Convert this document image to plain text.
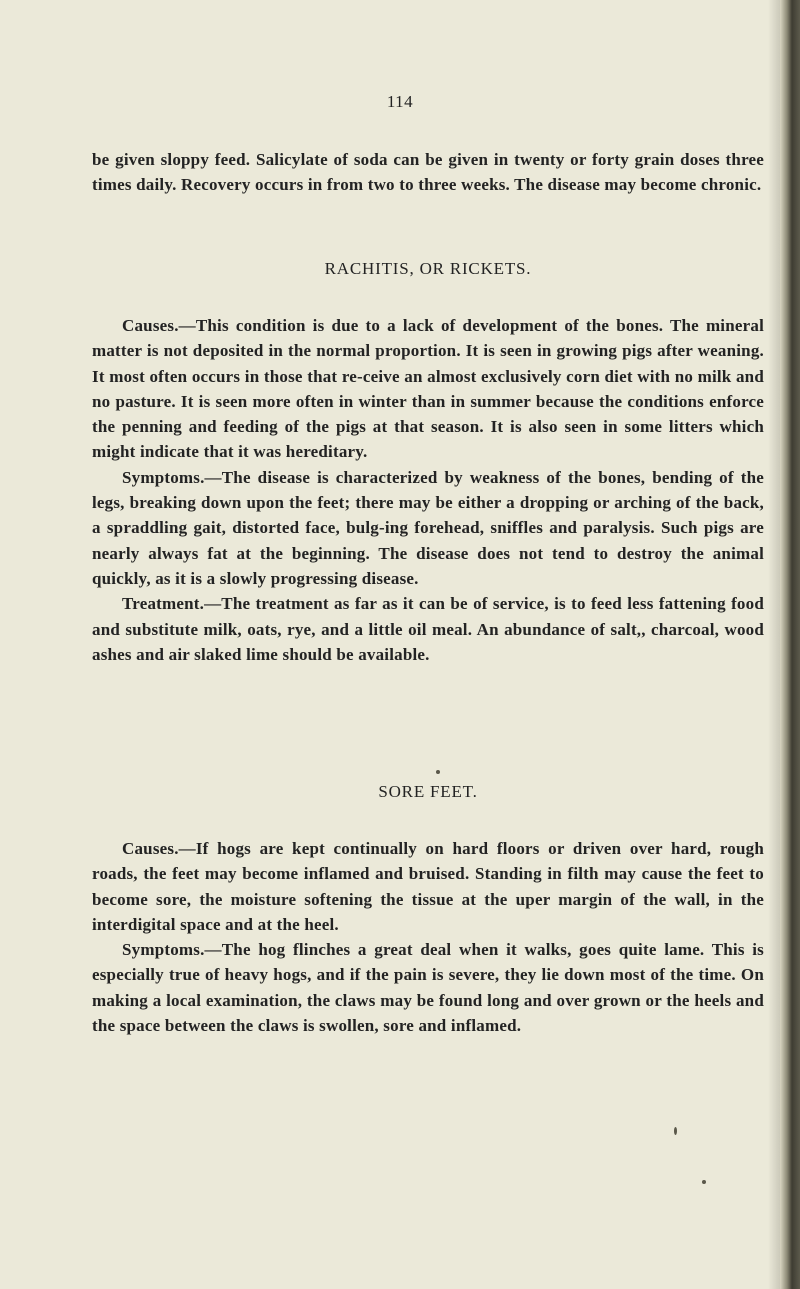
114

be given sloppy feed. Salicylate of soda can be given in twenty or forty grain doses three times daily. Recovery occurs in from two to three weeks. The disease may become chronic.

RACHITIS, OR RICKETS.

Causes.—This condition is due to a lack of development of the bones. The mineral matter is not deposited in the normal proportion. It is seen in growing pigs after weaning. It most often occurs in those that re-ceive an almost exclusively corn diet with no milk and no pasture. It is seen more often in winter than in summer because the conditions enforce the penning and feeding of the pigs at that season. It is also seen in some litters which might indicate that it was hereditary.

Symptoms.—The disease is characterized by weakness of the bones, bending of the legs, breaking down upon the feet; there may be either a dropping or arching of the back, a spraddling gait, distorted face, bulg-ing forehead, sniffles and paralysis. Such pigs are nearly always fat at the beginning. The disease does not tend to destroy the animal quickly, as it is a slowly progressing disease.

Treatment.—The treatment as far as it can be of service, is to feed less fattening food and substitute milk, oats, rye, and a little oil meal. An abundance of salt,, charcoal, wood ashes and air slaked lime should be available.

SORE FEET.

Causes.—If hogs are kept continually on hard floors or driven over hard, rough roads, the feet may become inflamed and bruised. Standing in filth may cause the feet to become sore, the moisture softening the tissue at the uper margin of the wall, in the interdigital space and at the heel.

Symptoms.—The hog flinches a great deal when it walks, goes quite lame. This is especially true of heavy hogs, and if the pain is severe, they lie down most of the time. On making a local examination, the claws may be found long and over grown or the heels and the space between the claws is swollen, sore and inflamed.
